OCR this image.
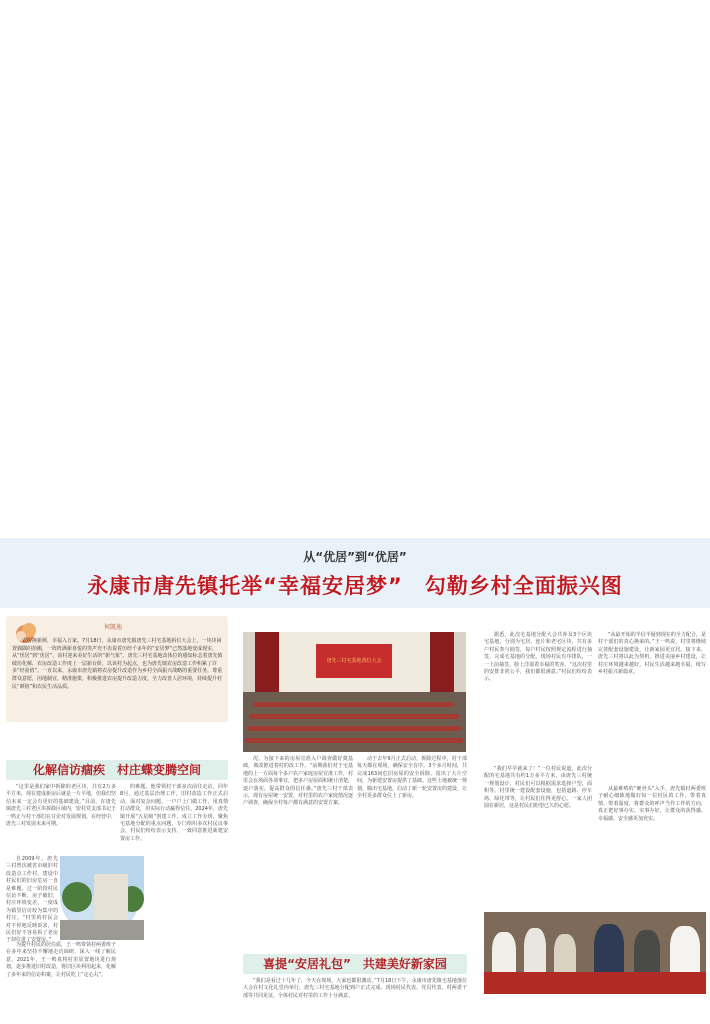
从“优居”到“优居”
永康市唐先镇托举“幸福安居梦”　勾勒乡村全面振兴图
何凯迪

农房换新颜，幸福入万家。7月18日，永康市唐先镇唐先三村宅基地拆位大会上，一块块闲置偶隅的拾搬，一阵阵满新喜悦的笑声充不齿说着历经千多年的“安居梦”已然落地变成现实，从“忧居”到“优居”，该村迎来美好生活的“新气象”。唐先三村宅基地改体位的感知标志着唐先镇破坊化解、农房改造工作度上一层新台阶，以该村为起点，也为唐先镇农房改造工作积累了许多“经验值”。一直以来，永康市唐先镇将农房提升改造作为乡村全面振兴战略的重要任务，尊重群众意愿，因地制宜，精准施策，积极推进农房提升改造力度，全力改善人居环境，持续提升村民“颜值”和农民生活品质。

化解信访痼疾　村庄蝶变腾空间
“这里是我们家中拆除的老区块，共有2万多平方米，现在建成新房后就是一片平地，但我们坚信未来一定会有更好的基础建设。”目前，在唐先镇唐先三村老区块拆除区域内，密村党支部书记王一鸣正与村干部们在讨论对发展规划，在经营中，唐先三村发展未来可期。
自2009年，唐先三村曾次被省市级旧村改造点工作村，建设中村民们的旧房危房一直是难题，过一阶段村民信访不断，房子破旧，村庄环境变差，一度成为镇里信访较为集中的村庄。“村里的村民会对不停地反映诉求，村民们好不容易拆了老房子却住进了安置房。”
为提升村民的居住质，王一鸣带领村两委班子在多年来坚持不懈地走访调研，深入一线了解民意，2021年，王一鸣真将村里原置地块进行规划，逐步推进旧村改造，将旧区块利用起来，化解了多年来的信访积案，让村民吃上“定心丸”。
的难题。他带领村干部多次前往走访，同年8月，通过基层治理工作，旧村改造工作正式启动，面对复杂问题，一户户上门做工作，用真情打动群众，用实际行动赢得信任。2024年，唐先镇开展“五星级”创建工作，成立工作专班，聚焦宅基地分配的重点问题，专门组织多次村民议事会，村民们纷纷表示支持，一致同意推进新建安置房工作。
唐先三村宅基地落位大会
况。为接下来的房屋宜准入户调查做好奠基础，离改推进着村的改工作。“前期我们对于宅基地的上一方面每个多户农户家庭房屋宜准工作，村里会在场面各项事宜，把多户房屋面积统计清楚，逐户落实，提高群众的信任感。”唐先三村干部表示，现有房屋统一安置，对村里的农户家庭情况逐户调查，确保全村每户都有满意的安置方案。
动于去年9月正式启动，拆除过程中，村干部每天都在现场，确保安全有序。3个多月时间，共完成163间危旧房屋的安全拆除，留出了大片空间，为新建安置房提供了基础。这些土地被统一规划，腾出宅基地，启动了新一轮安置房的建设，让全村更多群众住上了新房。
喜提“安居礼包”　共建美好新家园
“我们是看过十几年了，今天在现场，大家也都很激动。”7月18日下午，永康市唐先镇宅基地落位大会在村文化礼堂内举行，唐先三村宅基地分配到户正式完成。现场村民代表、党员代表、村两委干部等共同见证，全体村民对村里的工作十分满意。
据悉，此次宅基地分配大会共涉及3个区块宅基地，分别为宅居、连片和老宅区块，共有多户村民参与抽签，每户村民按照规定流程进行抽签，完成宅基地的分配。现场村民有序排队，一一上前抽签，脸上洋溢着幸福的笑容。“这次村里的安排非常公平，我们都很满意。”村民们纷纷表示。
“我们早早就来了！”一位村民说道，此次分配的宅基地共有约1万多平方米，由唐先三村统一规划设计，村民们可以根据需求选择户型，面积等。村里统一建设配套设施，包括道路、停车场、绿化带等，让村民们住得更舒心。一家人团圆在新居，这是村民们盼望已久的心愿。
“从最开始的半信半疑到现在的全力配合，是村干部们的真心换来的。”王一鸣说，村里将继续完善配套设施建设，让新家园更宜居。接下来，唐先三村将以此为契机，推进美丽乡村建设，让村庄环境越来越好，村民生活越来越幸福，续写乡村振兴新篇章。
从最难啃的“硬骨头”入手，唐先镇村两委班子耐心细致地做好每一位村民的工作，带着真情、带着温度，将群众的呼声当作工作的方向，真正把好事办实、实事办好，让群众的获得感、幸福感、安全感更加充实。
